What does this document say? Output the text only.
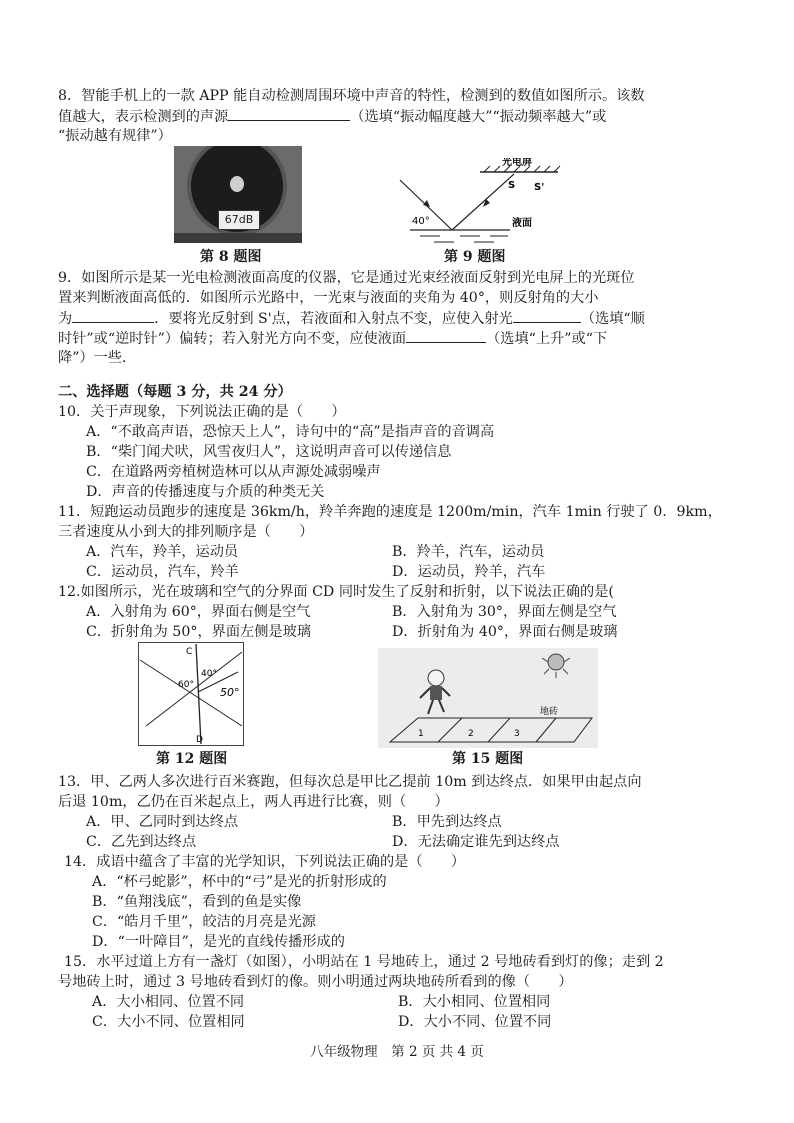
8．智能手机上的一款 APP 能自动检测周围环境中声音的特性，检测到的数值如图所示。该数
值越大，表示检测到的声源	（选填“振动幅度越大”“振动频率越大”或
“振动越有规律”）
67dB
第 8 题图
光电屏
S S'
40°	液面
第 9 题图
9．如图所示是某一光电检测液面高度的仪器，它是通过光束经液面反射到光电屏上的光斑位
置来判断液面高低的．如图所示光路中，一光束与液面的夹角为 40°，则反射角的大小
为	．要将光反射到 S'点，若液面和入射点不变，应使入射光	（选填“顺
时针”或“逆时针”）偏转；若入射光方向不变，应使液面	（选填“上升”或“下
降”）一些．
二、选择题（每题 3 分，共 24 分）
10．关于声现象，下列说法正确的是（　　）
A．“不敢高声语，恐惊天上人”，诗句中的“高”是指声音的音调高
B．“柴门闻犬吠，风雪夜归人”，这说明声音可以传递信息
C．在道路两旁植树造林可以从声源处减弱噪声
D．声音的传播速度与介质的种类无关
11．短跑运动员跑步的速度是 36km/h，羚羊奔跑的速度是 1200m/min，汽车 1min 行驶了 0．9km，
三者速度从小到大的排列顺序是（　　）
A．汽车，羚羊，运动员	B．羚羊，汽车，运动员
C．运动员，汽车，羚羊	D．运动员，羚羊，汽车
12.如图所示，光在玻璃和空气的分界面 CD 同时发生了反射和折射，以下说法正确的是(
A．入射角为 60°，界面右侧是空气	B．入射角为 30°，界面左侧是空气
C．折射角为 50°，界面左侧是玻璃	D．折射角为 40°，界面右侧是玻璃
C
D
60°
40°
50°
第 12 题图
1	2	3
地砖
第 15 题图
13．甲、乙两人多次进行百米赛跑，但每次总是甲比乙提前 10m 到达终点．如果甲由起点向
后退 10m，乙仍在百米起点上，两人再进行比赛，则（　　）
A．甲、乙同时到达终点	B．甲先到达终点
C．乙先到达终点	D．无法确定谁先到达终点
14．成语中蕴含了丰富的光学知识，下列说法正确的是（　　）
A．“杯弓蛇影”，杯中的“弓”是光的折射形成的
B．“鱼翔浅底”，看到的鱼是实像
C．“皓月千里”，皎洁的月亮是光源
D．“一叶障目”，是光的直线传播形成的
15．水平过道上方有一盏灯（如图），小明站在 1 号地砖上，通过 2 号地砖看到灯的像；走到 2
号地砖上时，通过 3 号地砖看到灯的像。则小明通过两块地砖所看到的像（　　）
A．大小相同、位置不同	B．大小相同、位置相同
C．大小不同、位置相同	D．大小不同、位置不同
八年级物理　第 2 页 共 4 页
